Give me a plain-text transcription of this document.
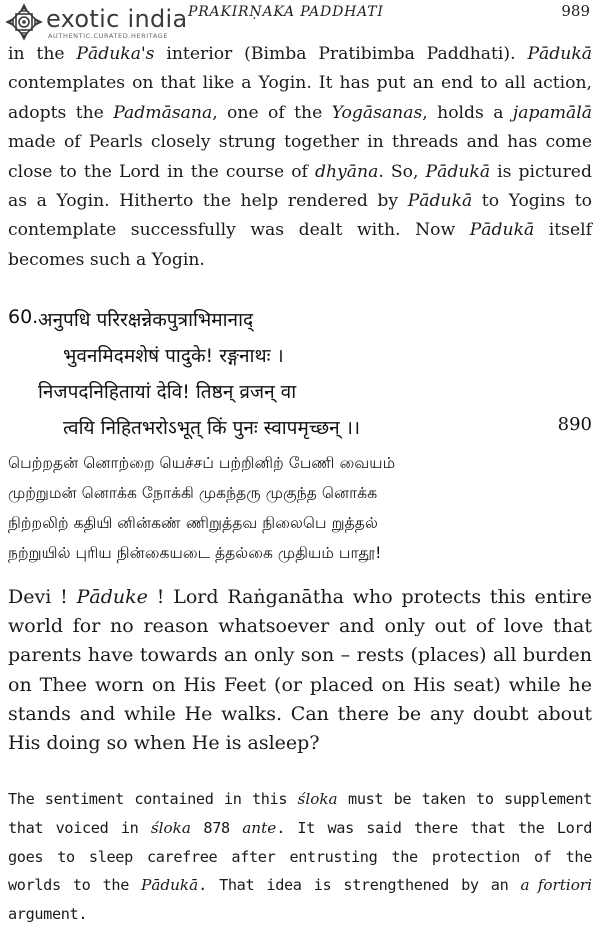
exotic india
AUTHENTIC.CURATED.HERITAGE
PRAKIRṆAKA PADDHATI	989

in the Pāduka's interior (Bimba Pratibimba Paddhati). Pādukā contemplates on that like a Yogin. It has put an end to all action, adopts the Padmāsana, one of the Yogāsanas, holds a japamālā made of Pearls closely strung together in threads and has come close to the Lord in the course of dhyāna. So, Pādukā is pictured as a Yogin. Hitherto the help rendered by Pādukā to Yogins to contemplate successfully was dealt with. Now Pādukā itself becomes such a Yogin.

60. अनुपधि परिरक्षन्नेकपुत्राभिमानाद्
भुवनमिदमशेषं पादुके! रङ्गनाथः ।
निजपदनिहितायां देवि! तिष्ठन् व्रजन् वा
त्वयि निहितभरोऽभूत् किं पुनः स्वापमृच्छन् ।।	890
பெற்றதன் னொற்றை யெச்சப் பற்றினிற் பேணி வையம்
முற்றுமன் னொக்க நோக்கி முகந்தரு முகுந்த னொக்க
நிற்றலிற் கதியி னின்கண் ணிறுத்தவ நிலைபெ றுத்தல்
நற்றுயில் புரிய நின்கையடை த்தல்கை முதியம் பாதூ!

Devi ! Pāduke ! Lord Raṅganātha who protects this entire world for no reason whatsoever and only out of love that parents have towards an only son – rests (places) all burden on Thee worn on His Feet (or placed on His seat) while he stands and while He walks. Can there be any doubt about His doing so when He is asleep?

The sentiment contained in this śloka must be taken to supplement that voiced in śloka 878 ante. It was said there that the Lord goes to sleep carefree after entrusting the protection of the worlds to the Pādukā. That idea is strengthened by an a fortiori argument.
